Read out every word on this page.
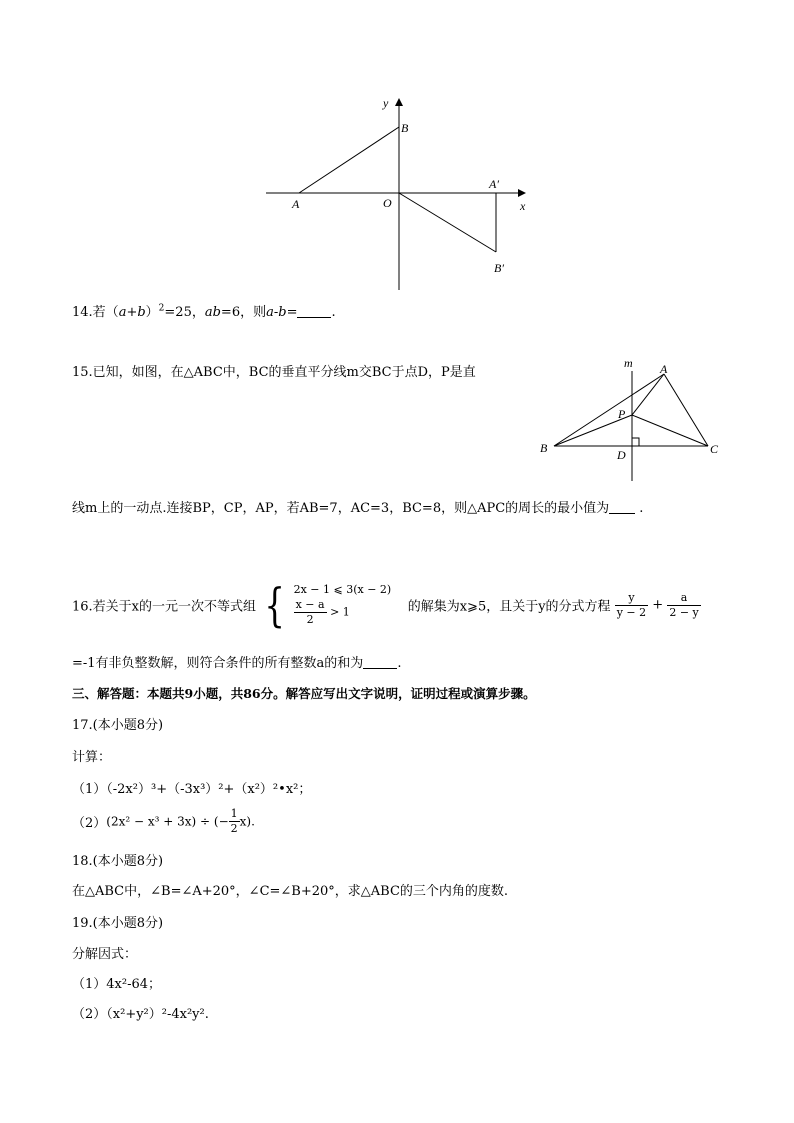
y
B
A	O
A′
x
B′
14.若$(a+b)^2=25$，ab=6，则a-b=	.
15.已知，如图，在△ABC中，BC的垂直平分线m交BC于点D，P是直
m A
P
B	D	C
线m上的一动点.连接BP，CP，AP，若AB=7，AC=3，BC=8，则△APC的周长的最小值为 .
16.若关于x的一元一次不等式组 { 2x − 1 ⩽ 3(x − 2)
$\frac{x - a}{2} > 1$	的解集为x⩾5，且关于y的分式方程 $\frac{y}{y - 2} + \frac{a}{2 - y}$
=-1有非负整数解，则符合条件的所有整数a的和为	.
三、解答题：本题共9小题，共86分。解答应写出文字说明，证明过程或演算步骤。
17.(本小题8分)
计算：
（1）（-2x²）³+（-3x³）²+（x²）²•x²；
（2）(2x² − x³ + 3x) ÷ (− $\frac{1}{2} x$).
18.(本小题8分)
在△ABC中，∠B=∠A+20°，∠C=∠B+20°，求△ABC的三个内角的度数.
19.(本小题8分)
分解因式：
（1）4x²-64；
（2）（x²+y²）²-4x²y².
